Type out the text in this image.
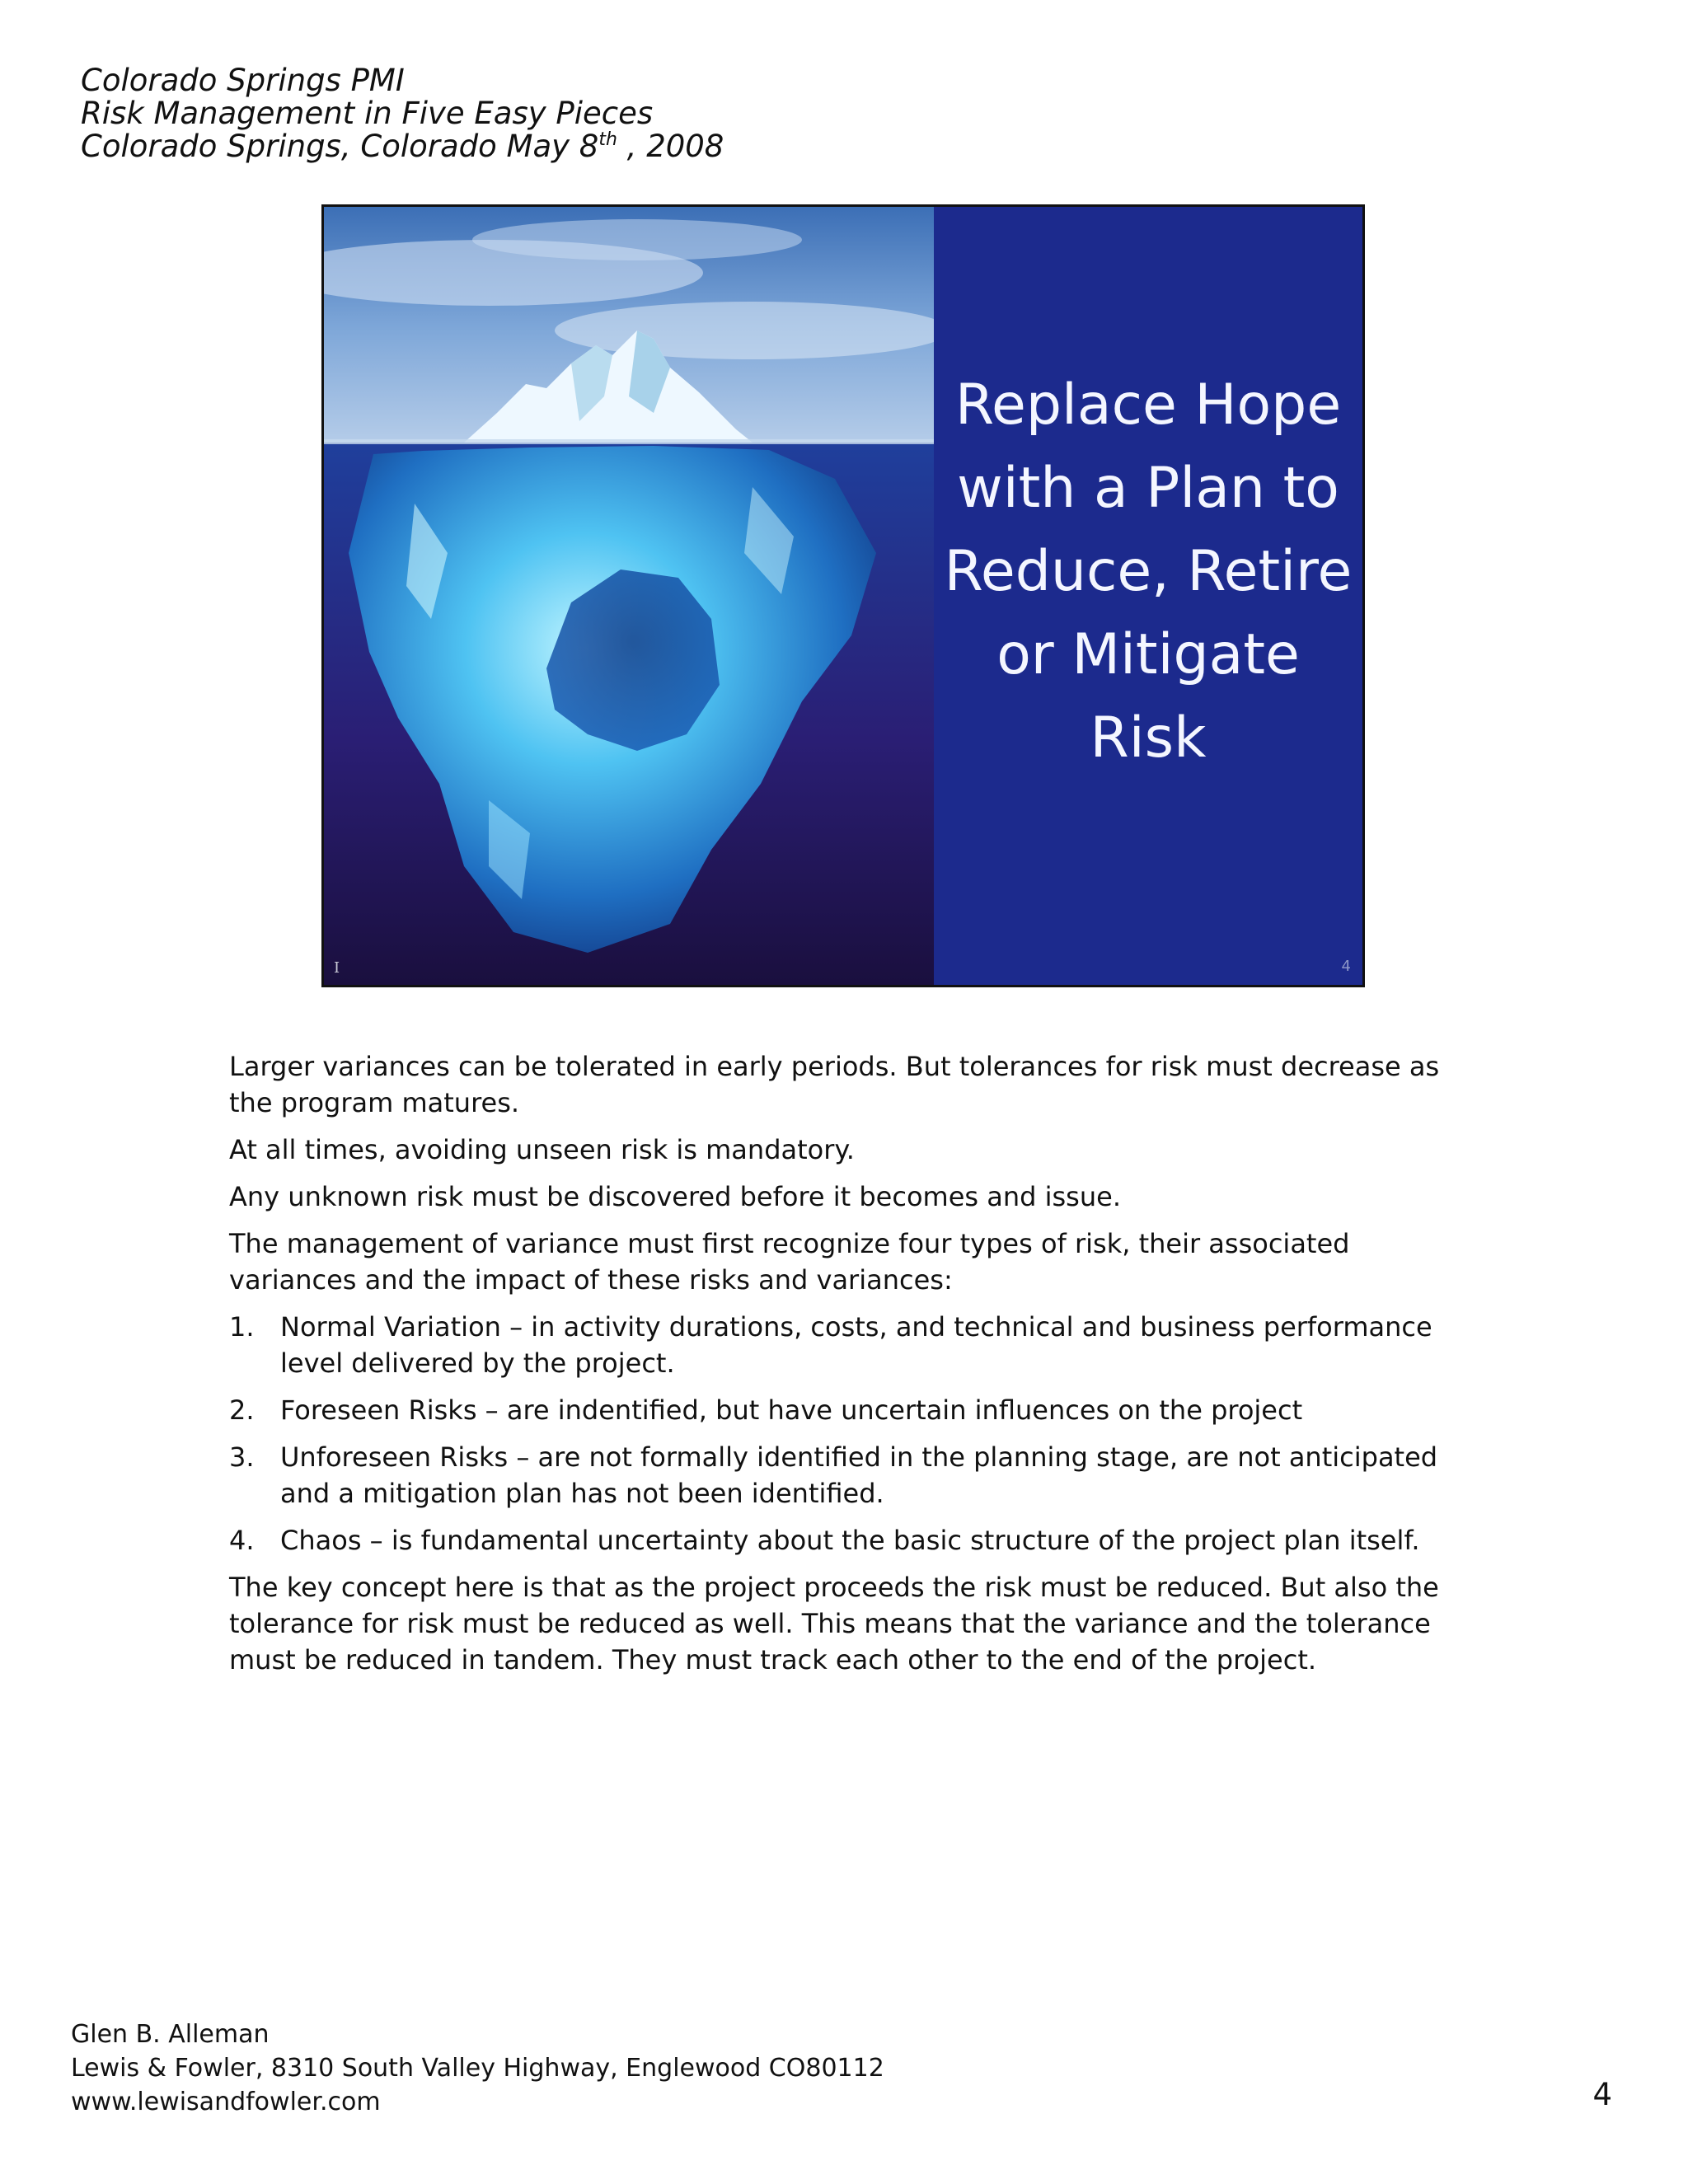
Colorado Springs PMI
Risk Management in Five Easy Pieces
Colorado Springs, Colorado May 8th , 2008
Replace Hope
with a Plan to
Reduce, Retire
or Mitigate
Risk
I	4

Larger variances can be tolerated in early periods. But tolerances for risk must decrease as the program matures.

At all times, avoiding unseen risk is mandatory.

Any unknown risk must be discovered before it becomes and issue.

The management of variance must first recognize four types of risk, their associated variances and the impact of these risks and variances:

1. Normal Variation – in activity durations, costs, and technical and business performance level delivered by the project.
2. Foreseen Risks – are indentified, but have uncertain influences on the project
3. Unforeseen Risks – are not formally identified in the planning stage, are not anticipated and a mitigation plan has not been identified.
4. Chaos – is fundamental uncertainty about the basic structure of the project plan itself.

The key concept here is that as the project proceeds the risk must be reduced. But also the tolerance for risk must be reduced as well. This means that the variance and the tolerance must be reduced in tandem. They must track each other to the end of the project.

Glen B. Alleman
Lewis & Fowler, 8310 South Valley Highway, Englewood CO80112
www.lewisandfowler.com	4
